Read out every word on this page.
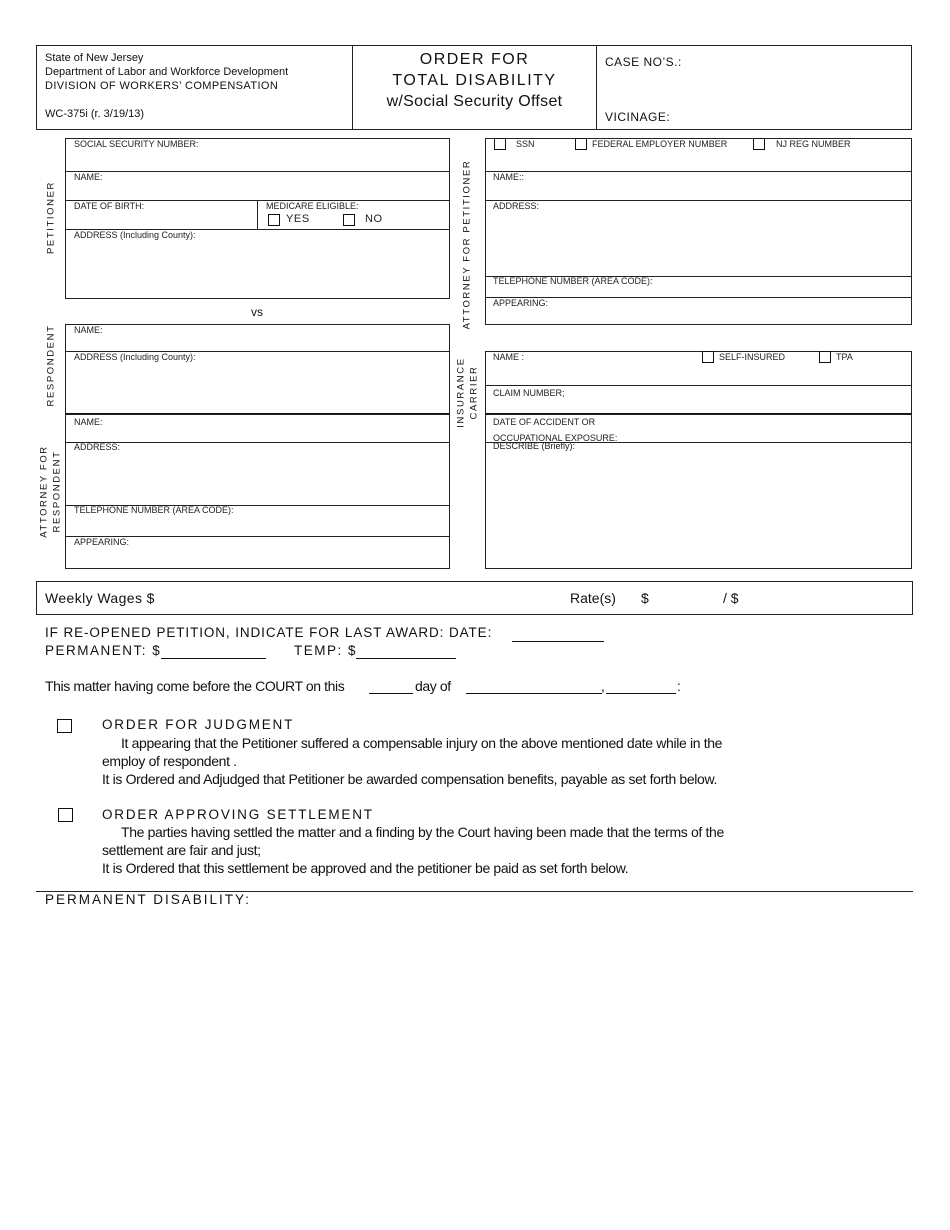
State of New Jersey
Department of Labor and Workforce Development
DIVISION OF WORKERS’ COMPENSATION
WC-375i (r. 3/19/13)
ORDER FOR
TOTAL DISABILITY
w/Social Security Offset
CASE NO’S.:
VICINAGE:
PETITIONER
SOCIAL SECURITY NUMBER:
NAME:
DATE OF BIRTH:	MEDICARE ELIGIBLE:
YES	NO
ADDRESS (Including County):
vs
RESPONDENT NAME:
ADDRESS (Including County):
ATTORNEY FOR RESPONDENT
NAME:
ADDRESS:
TELEPHONE NUMBER (AREA CODE):
APPEARING:
ATTORNEY FOR PETITIONER
SSN	FEDERAL EMPLOYER NUMBER	NJ REG NUMBER
NAME::
ADDRESS:
TELEPHONE NUMBER (AREA CODE):
APPEARING:
INSURANCE CARRIER
NAME :	SELF-INSURED	TPA
CLAIM NUMBER;
DATE OF ACCIDENT OR
OCCUPATIONAL EXPOSURE:
DESCRIBE (Briefly):
Weekly Wages $	Rate(s) $	/ $
IF RE-OPENED PETITION, INDICATE FOR LAST AWARD: DATE:
PERMANENT: $	TEMP: $
This matter having come before the COURT on this	day of	,	:
ORDER FOR JUDGMENT
It appearing that the Petitioner suffered a compensable injury on the above mentioned date while in the
employ of respondent .
It is Ordered and Adjudged that Petitioner be awarded compensation benefits, payable as set forth below.
ORDER APPROVING SETTLEMENT
The parties having settled the matter and a finding by the Court having been made that the terms of the
settlement are fair and just;
It is Ordered that this settlement be approved and the petitioner be paid as set forth below.
PERMANENT DISABILITY:
